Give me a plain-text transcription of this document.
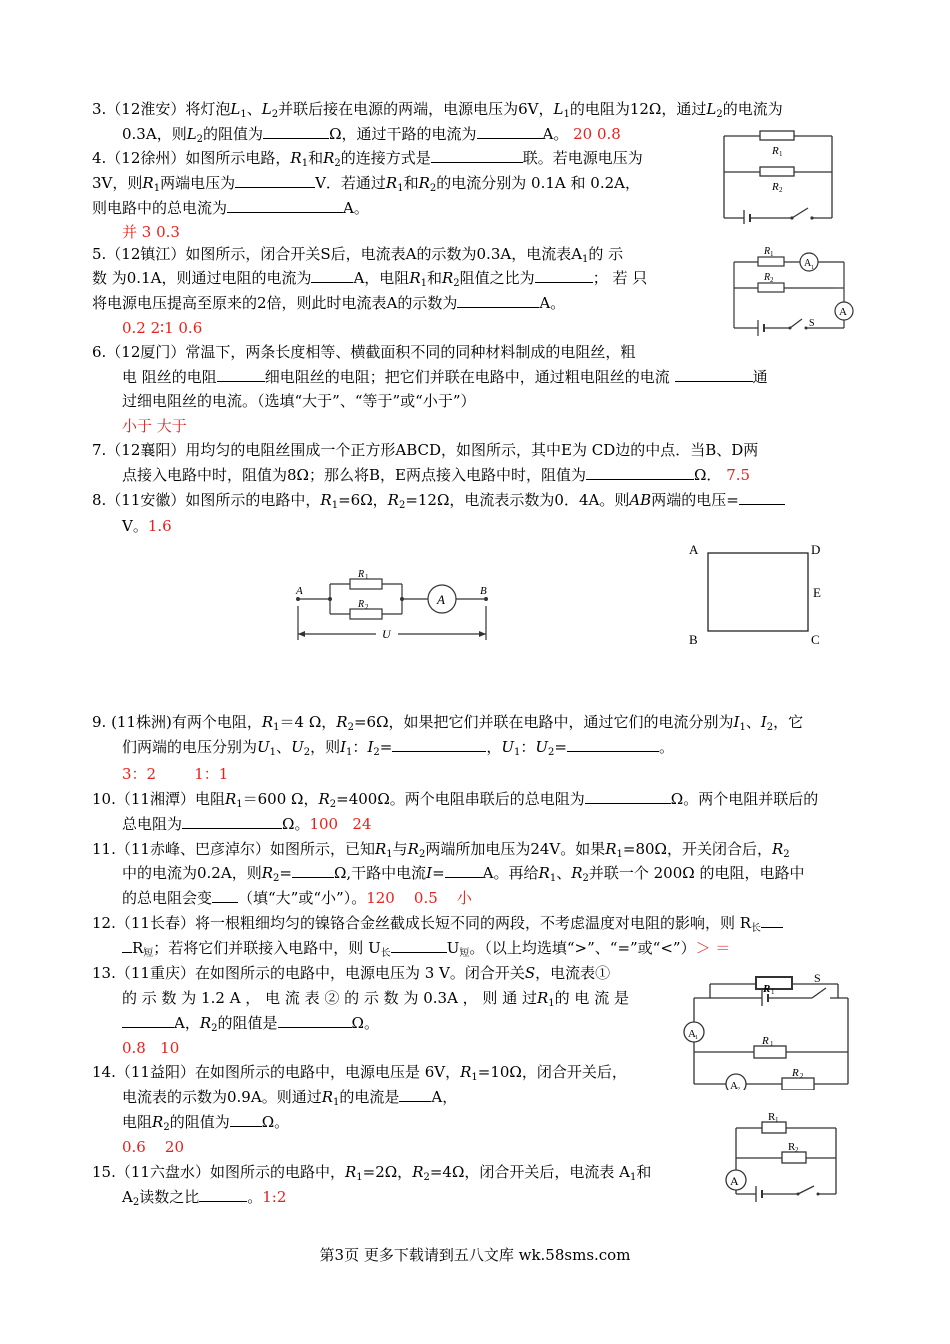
3.（12淮安）将灯泡$L_1$、$L_2$并联后接在电源的两端，电源电压为6V，$L_1$的电阻为12Ω，通过$L_2$的电流为
0.3A，则$L_2$的阻值为	Ω，通过干路的电流为	A。 20 0.8
4.（12徐州）如图所示电路，$R_1$和$R_2$的连接方式是	联。若电源电压为
3V，则$R_1$两端电压为	V．若通过$R_1$和$R_2$的电流分别为 0.1A 和 0.2A，
则电路中的总电流为	A。
并 3 0.3
5.（12镇江）如图所示，闭合开关S后，电流表A的示数为0.3A，电流表$A_1$的 示
数 为0.1A，则通过电阻的电流为	A，电阻$R_1$和$R_2$阻值之比为	； 若 只
将电源电压提高至原来的2倍，则此时电流表A的示数为	A。
0.2 2∶1 0.6
6.（12厦门）常温下，两条长度相等、横截面积不同的同种材料制成的电阻丝，粗
电 阻丝的电阻	细电阻丝的电阻；把它们并联在电路中，通过粗电阻丝的电流	通
过细电阻丝的电流。（选填“大于”、“等于”或“小于”）
小于 大于
7.（12襄阳）用均匀的电阻丝围成一个正方形ABCD，如图所示，其中E为 CD边的中点．当B、D两
点接入电路中时，阻值为8Ω；那么将B，E两点接入电路中时，阻值为	Ω． 7.5
8.（11安徽）如图所示的电路中，$R_1=6\Omega$，$R_2=12\Omega$，电流表示数为0．4A。则AB两端的电压=
V。1.6
9. (11株洲)有两个电阻，$R_1=4$ Ω，$R_2=6\Omega$，如果把它们并联在电路中，通过它们的电流分别为$I_1$、$I_2$，它
们两端的电压分别为$U_1$、$U_2$，则$I_1$：$I_2=$	，$U_1$：$U_2=$	。
3：2        1：1
10.（11湘潭）电阻$R_1=600$ Ω，$R_2=400\Omega$。两个电阻串联后的总电阻为	Ω。两个电阻并联后的
总电阻为	Ω。100   24
11.（11赤峰、巴彦淖尔）如图所示，已知$R_1$与$R_2$两端所加电压为24V。如果$R_1=80\Omega$，开关闭合后，$R_2$
中的电流为0.2A，则$R_2=$	Ω,干路中电流I=	A。再给$R_1$、$R_2$并联一个 200Ω 的电阻，电路中
的总电阻会变 （填“大”或“小”）。120    0.5    小
12.（11长春）将一根粗细均匀的镍铬合金丝截成长短不同的两段，不考虑温度对电阻的影响，则 $R_长$
$R_短$；若将它们并联接入电路中，则 $U_长$	$U_短$。（以上均选填“>”、“=”或“<”）＞ ＝
13.（11重庆）在如图所示的电路中，电源电压为 3 V。闭合开关S，电流表①
的 示 数 为 1.2 A ， 电 流 表 ② 的 示 数 为 0.3A ， 则 通 过$R_1$的 电 流 是
A，$R_2$的阻值是	Ω。
0.8   10
14.（11益阳）在如图所示的电路中，电源电压是 6V，$R_1=10\Omega$，闭合开关后，
电流表的示数为0.9A。则通过$R_1$的电流是 A，
电阻$R_2$的阻值为 Ω。
0.6    20
15.（11六盘水）如图所示的电路中，$R_1=2\Omega$，$R_2=4\Omega$，闭合开关后，电流表 $A_1$和
$A_2$读数之比	。1:2
R 1
R 2
R 1
R 2
A 1
A
S
A	B
R 1
R 2	A
U
A	D
E
B	C
R 1
S
R 1
R 2
A 1
A 2
R 1
R 2
A
第3页 更多下载请到五八文库 wk.58sms.com
